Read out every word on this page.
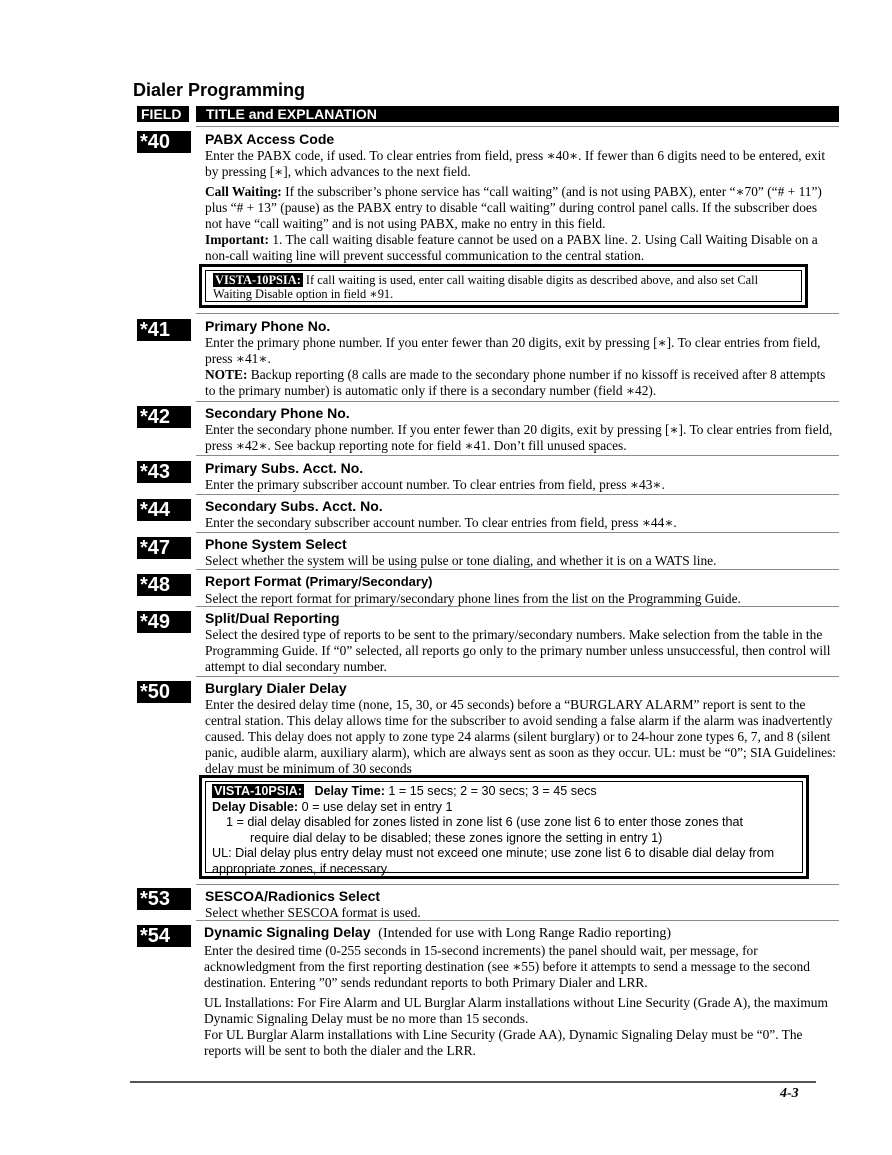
Dialer Programming
FIELD	TITLE and EXPLANATION
*40	PABX Access Code

Enter the PABX code, if used. To clear entries from field, press ∗40∗. If fewer than 6 digits need to be entered, exit by pressing [∗], which advances to the next field.

Call Waiting: If the subscriber’s phone service has “call waiting” (and is not using PABX), enter “∗70” (“# + 11”) plus “# + 13” (pause) as the PABX entry to disable “call waiting” during control panel calls. If the subscriber does not have “call waiting” and is not using PABX, make no entry in this field.

Important: 1. The call waiting disable feature cannot be used on a PABX line. 2. Using Call Waiting Disable on a non-call waiting line will prevent successful communication to the central station.

VISTA-10PSIA: If call waiting is used, enter call waiting disable digits as described above, and also set Call Waiting Disable option in field ∗91.
*41	Primary Phone No.

Enter the primary phone number. If you enter fewer than 20 digits, exit by pressing [∗]. To clear entries from field, press ∗41∗.

NOTE: Backup reporting (8 calls are made to the secondary phone number if no kissoff is received after 8 attempts to the primary number) is automatic only if there is a secondary number (field ∗42).

*42	Secondary Phone No.

Enter the secondary phone number. If you enter fewer than 20 digits, exit by pressing [∗]. To clear entries from field, press ∗42∗. See backup reporting note for field ∗41. Don’t fill unused spaces.

*43	Primary Subs. Acct. No.

Enter the primary subscriber account number. To clear entries from field, press ∗43∗.

*44	Secondary Subs. Acct. No.

Enter the secondary subscriber account number. To clear entries from field, press ∗44∗.

*47	Phone System Select

Select whether the system will be using pulse or tone dialing, and whether it is on a WATS line.

*48	Report Format (Primary/Secondary)

Select the report format for primary/secondary phone lines from the list on the Programming Guide.

*49	Split/Dual Reporting

Select the desired type of reports to be sent to the primary/secondary numbers. Make selection from the table in the Programming Guide. If “0” selected, all reports go only to the primary number unless unsuccessful, then control will attempt to dial secondary number.

*50	Burglary Dialer Delay

Enter the desired delay time (none, 15, 30, or 45 seconds) before a “BURGLARY ALARM” report is sent to the central station. This delay allows time for the subscriber to avoid sending a false alarm if the alarm was inadvertently caused. This delay does not apply to zone type 24 alarms (silent burglary) or to 24-hour zone types 6, 7, and 8 (silent panic, audible alarm, auxiliary alarm), which are always sent as soon as they occur. UL: must be “0”; SIA Guidelines: delay must be minimum of 30 seconds

VISTA-10PSIA: Delay Time: 1 = 15 secs; 2 = 30 secs; 3 = 45 secs
Delay Disable: 0 = use delay set in entry 1
1 = dial delay disabled for zones listed in zone list 6 (use zone list 6 to enter those zones that
require dial delay to be disabled; these zones ignore the setting in entry 1)
UL: Dial delay plus entry delay must not exceed one minute; use zone list 6 to disable dial delay from appropriate zones, if necessary.
*53	SESCOA/Radionics Select

Select whether SESCOA format is used.

*54	Dynamic Signaling Delay (Intended for use with Long Range Radio reporting)

Enter the desired time (0-255 seconds in 15-second increments) the panel should wait, per message, for acknowledgment from the first reporting destination (see ∗55) before it attempts to send a message to the second destination. Entering ”0” sends redundant reports to both Primary Dialer and LRR.

UL Installations: For Fire Alarm and UL Burglar Alarm installations without Line Security (Grade A), the maximum Dynamic Signaling Delay must be no more than 15 seconds.

For UL Burglar Alarm installations with Line Security (Grade AA), Dynamic Signaling Delay must be “0”. The reports will be sent to both the dialer and the LRR.

4-3
